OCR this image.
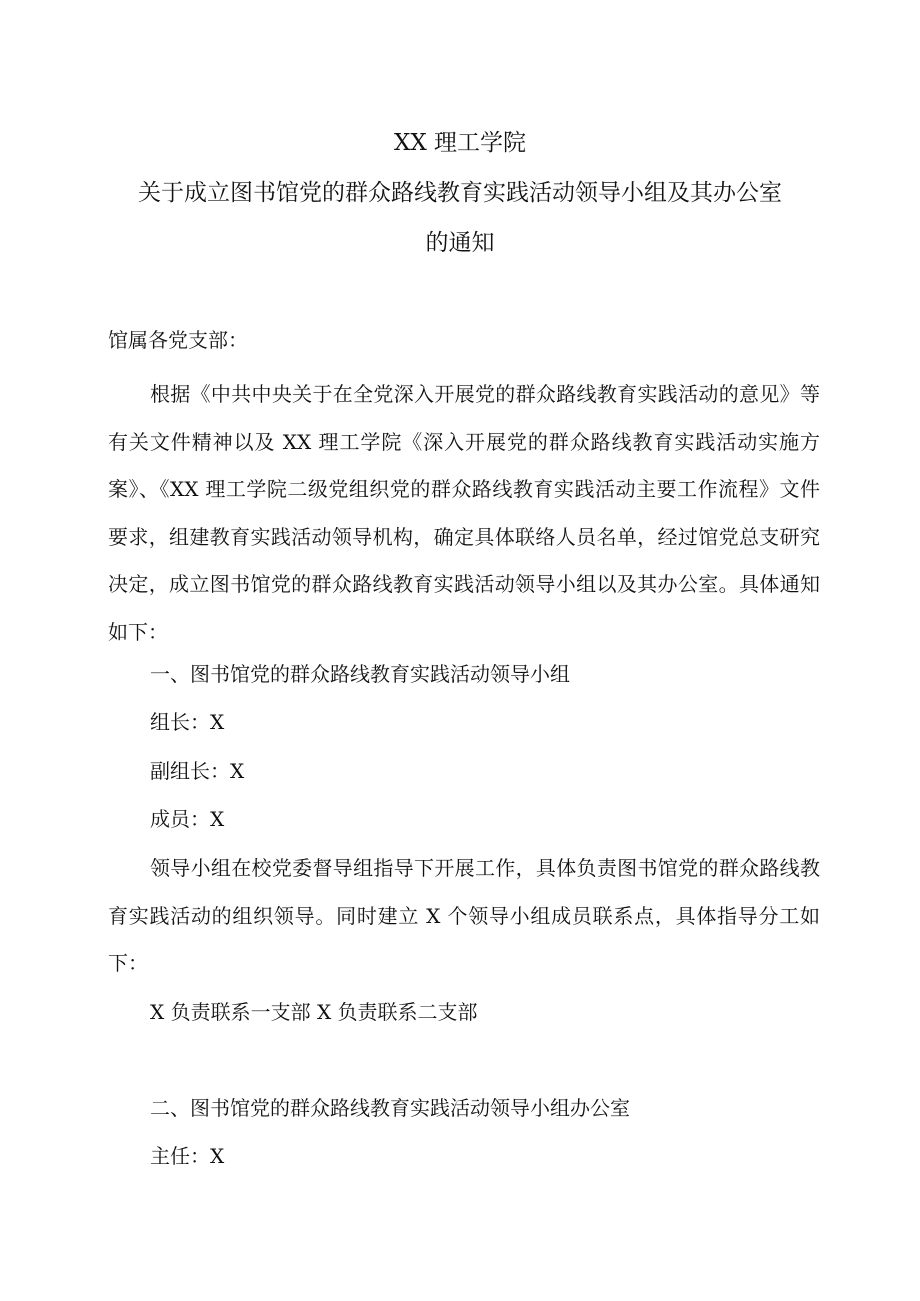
XX 理工学院
关于成立图书馆党的群众路线教育实践活动领导小组及其办公室
的通知
馆属各党支部：
根据《中共中央关于在全党深入开展党的群众路线教育实践活动的意见》等有关文件精神以及 XX 理工学院《深入开展党的群众路线教育实践活动实施方案》、《XX 理工学院二级党组织党的群众路线教育实践活动主要工作流程》文件要求，组建教育实践活动领导机构，确定具体联络人员名单，经过馆党总支研究决定，成立图书馆党的群众路线教育实践活动领导小组以及其办公室。具体通知如下：
一、图书馆党的群众路线教育实践活动领导小组
组长：X
副组长：X
成员：X
领导小组在校党委督导组指导下开展工作，具体负责图书馆党的群众路线教育实践活动的组织领导。同时建立 X 个领导小组成员联系点，具体指导分工如下：
X 负责联系一支部 X 负责联系二支部
二、图书馆党的群众路线教育实践活动领导小组办公室
主任：X
